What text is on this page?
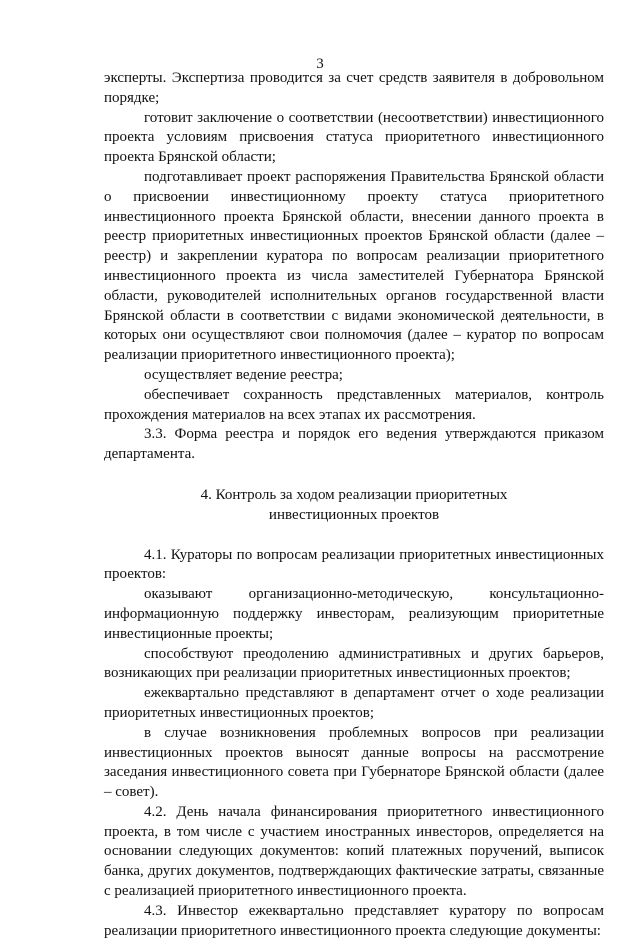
3

эксперты. Экспертиза проводится за счет средств заявителя в добровольном порядке;

готовит заключение о соответствии (несоответствии) инвестиционного проекта условиям присвоения статуса приоритетного инвестиционного проекта Брянской области;

подготавливает проект распоряжения Правительства Брянской области о присвоении инвестиционному проекту статуса приоритетного инвестиционного проекта Брянской области, внесении данного проекта в реестр приоритетных инвестиционных проектов Брянской области (далее – реестр) и закреплении куратора по вопросам реализации приоритетного инвестиционного проекта из числа заместителей Губернатора Брянской области, руководителей исполнительных органов государственной власти Брянской области в соответствии с видами экономической деятельности, в которых они осуществляют свои полномочия (далее – куратор по вопросам реализации приоритетного инвестиционного проекта);

осуществляет ведение реестра;

обеспечивает сохранность представленных материалов, контроль прохождения материалов на всех этапах их рассмотрения.

3.3. Форма реестра и порядок его ведения утверждаются приказом департамента.

4. Контроль за ходом реализации приоритетных
инвестиционных проектов

4.1. Кураторы по вопросам реализации приоритетных инвестиционных проектов:

оказывают организационно-методическую, консультационно-информационную поддержку инвесторам, реализующим приоритетные инвестиционные проекты;

способствуют преодолению административных и других барьеров, возникающих при реализации приоритетных инвестиционных проектов;

ежеквартально представляют в департамент отчет о ходе реализации приоритетных инвестиционных проектов;

в случае возникновения проблемных вопросов при реализации инвестиционных проектов выносят данные вопросы на рассмотрение заседания инвестиционного совета при Губернаторе Брянской области (далее – совет).

4.2. День начала финансирования приоритетного инвестиционного проекта, в том числе с участием иностранных инвесторов, определяется на основании следующих документов: копий платежных поручений, выписок банка, других документов, подтверждающих фактические затраты, связанные с реализацией приоритетного инвестиционного проекта.

4.3. Инвестор ежеквартально представляет куратору по вопросам реализации приоритетного инвестиционного проекта следующие документы:
